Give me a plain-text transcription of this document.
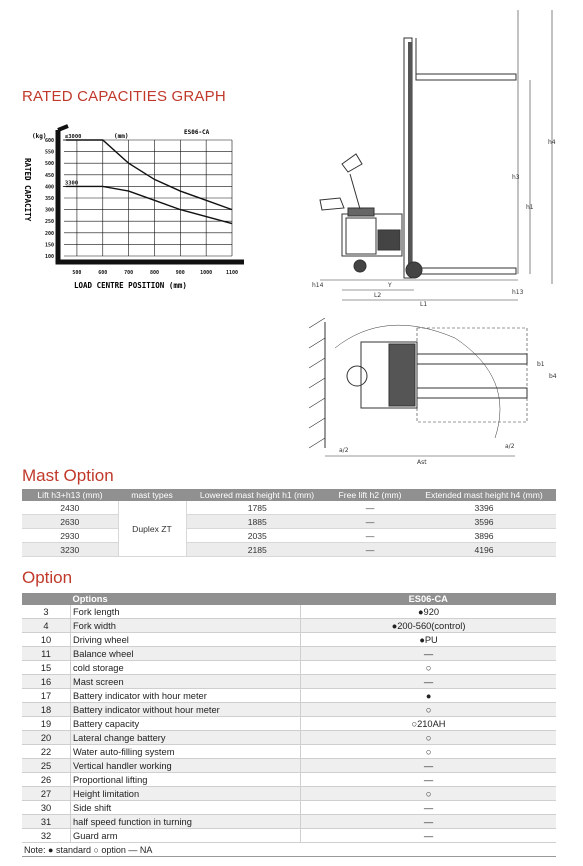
RATED CAPACITIES GRAPH
100
150
200
250
300
350
400
450
500
550
600
500	600	700	800	900	1000	1100
≤3000
3300
(kg)	(mm)
ES06-CA
RATED CAPACITY
LOAD CENTRE POSITION (mm)
h4
h3
h1
h13
L2
L1
Y
h14
b1
b4
a/2
Ast
a/2
Mast Option
Lift h3+h13 (mm)	mast types	Lowered mast height h1 (mm)	Free lift h2 (mm)	Extended mast height h4 (mm)
2430	Duplex ZT	1785	—	3396
2630		1885	—	3596
2930		2035	—	3896
3230		2185	—	4196
Option
	Options	ES06-CA
3	Fork length	●920
4	Fork width	●200-560(control)
10	Driving wheel	●PU
11	Balance wheel	—
15	cold storage	○
16	Mast screen	—
17	Battery indicator with hour meter	●
18	Battery indicator without hour meter	○
19	Battery capacity	○210AH
20	Lateral change battery	○
22	Water auto-filling system	○
25	Vertical handler working	—
26	Proportional lifting	—
27	Height limitation	○
30	Side shift	—
31	half speed function in turning	—
32	Guard arm	—
Note: ● standard ○ option — NA		
